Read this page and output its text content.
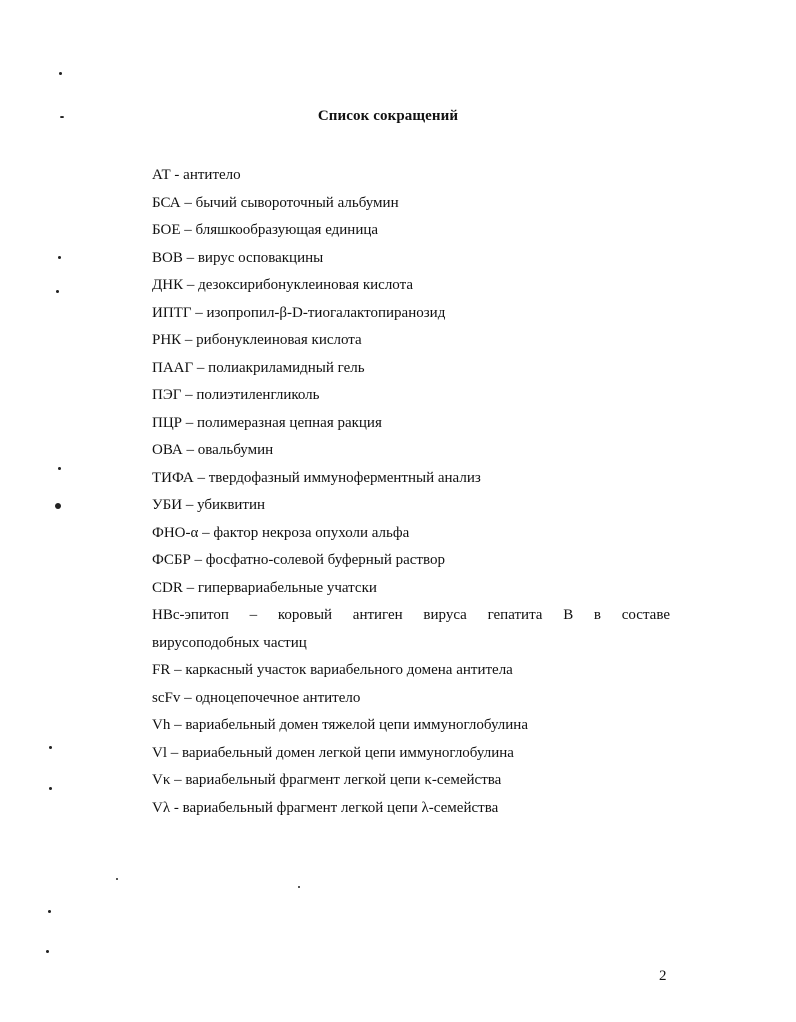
Список сокращений
АТ - антитело
БСА – бычий сывороточный альбумин
БОЕ – бляшкообразующая единица
ВОВ – вирус осповакцины
ДНК – дезоксирибонуклеиновая кислота
ИПТГ – изопропил-β-D-тиогалактопиранозид
РНК – рибонуклеиновая кислота
ПААГ – полиакриламидный гель
ПЭГ – полиэтиленгликоль
ПЦР – полимеразная цепная ракция
ОВА – овальбумин
ТИФА – твердофазный иммуноферментный анализ
УБИ – убиквитин
ФНО-α – фактор некроза опухоли альфа
ФСБР – фосфатно-солевой буферный раствор
CDR – гипервариабельные учатски
HBc-эпитоп – коровый антиген вируса гепатита В в составе
вирусоподобных частиц
FR – каркасный участок вариабельного домена антитела
scFv – одноцепочечное антитело
Vh – вариабельный домен тяжелой цепи иммуноглобулина
Vl – вариабельный домен легкой цепи иммуноглобулина
Vκ – вариабельный фрагмент легкой цепи κ-семейства
Vλ - вариабельный фрагмент легкой цепи λ-семейства
2
